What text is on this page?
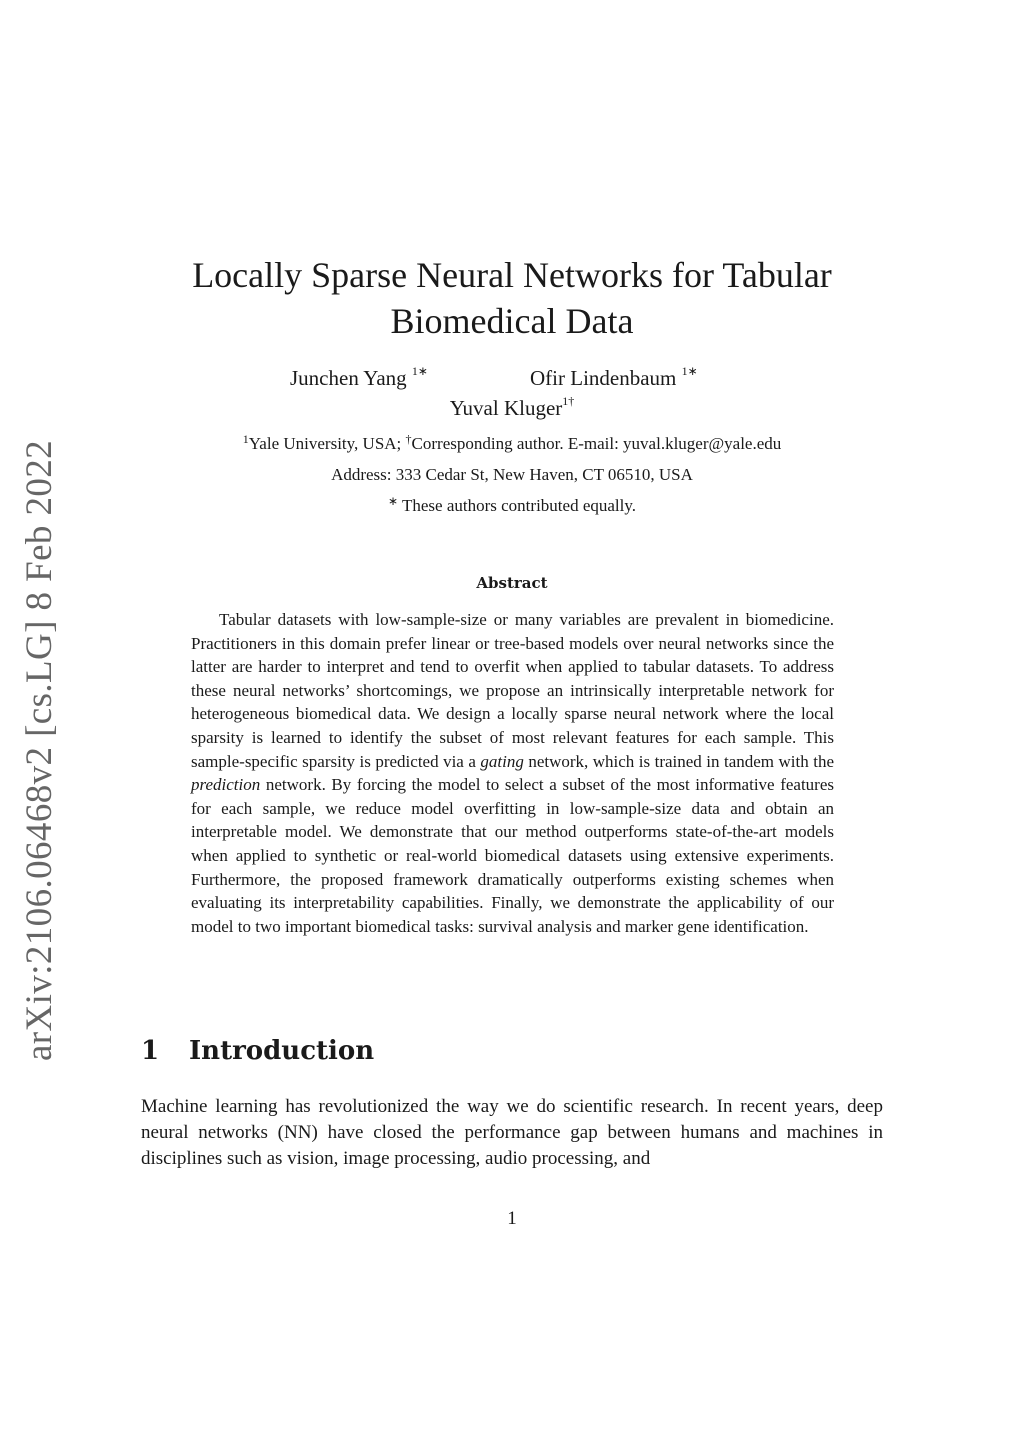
arXiv:2106.06468v2 [cs.LG] 8 Feb 2022
Locally Sparse Neural Networks for Tabular Biomedical Data
Junchen Yang $^{1∗}$	Ofir Lindenbaum $^{1∗}$
Yuval Kluger$^{1\dagger}$
$^1$Yale University, USA; †Corresponding author. E-mail: yuval.kluger@yale.edu
Address: 333 Cedar St, New Haven, CT 06510, USA
∗ These authors contributed equally.
Abstract

Tabular datasets with low-sample-size or many variables are prevalent in biomedicine. Practitioners in this domain prefer linear or tree-based models over neural networks since the latter are harder to interpret and tend to overfit when applied to tabular datasets. To address these neural networks’ shortcomings, we propose an intrinsically interpretable network for heterogeneous biomedical data. We design a locally sparse neural network where the local sparsity is learned to identify the subset of most relevant features for each sample. This sample-specific sparsity is predicted via a gating network, which is trained in tandem with the prediction network. By forcing the model to select a subset of the most informative features for each sample, we reduce model overfitting in low-sample-size data and obtain an interpretable model. We demonstrate that our method outperforms state-of-the-art models when applied to synthetic or real-world biomedical datasets using extensive experiments. Furthermore, the proposed framework dramatically outperforms existing schemes when evaluating its interpretability capabilities. Finally, we demonstrate the applicability of our model to two important biomedical tasks: survival analysis and marker gene identification.

1 Introduction

Machine learning has revolutionized the way we do scientific research. In recent years, deep neural networks (NN) have closed the performance gap between humans and machines in disciplines such as vision, image processing, audio processing, and

1
